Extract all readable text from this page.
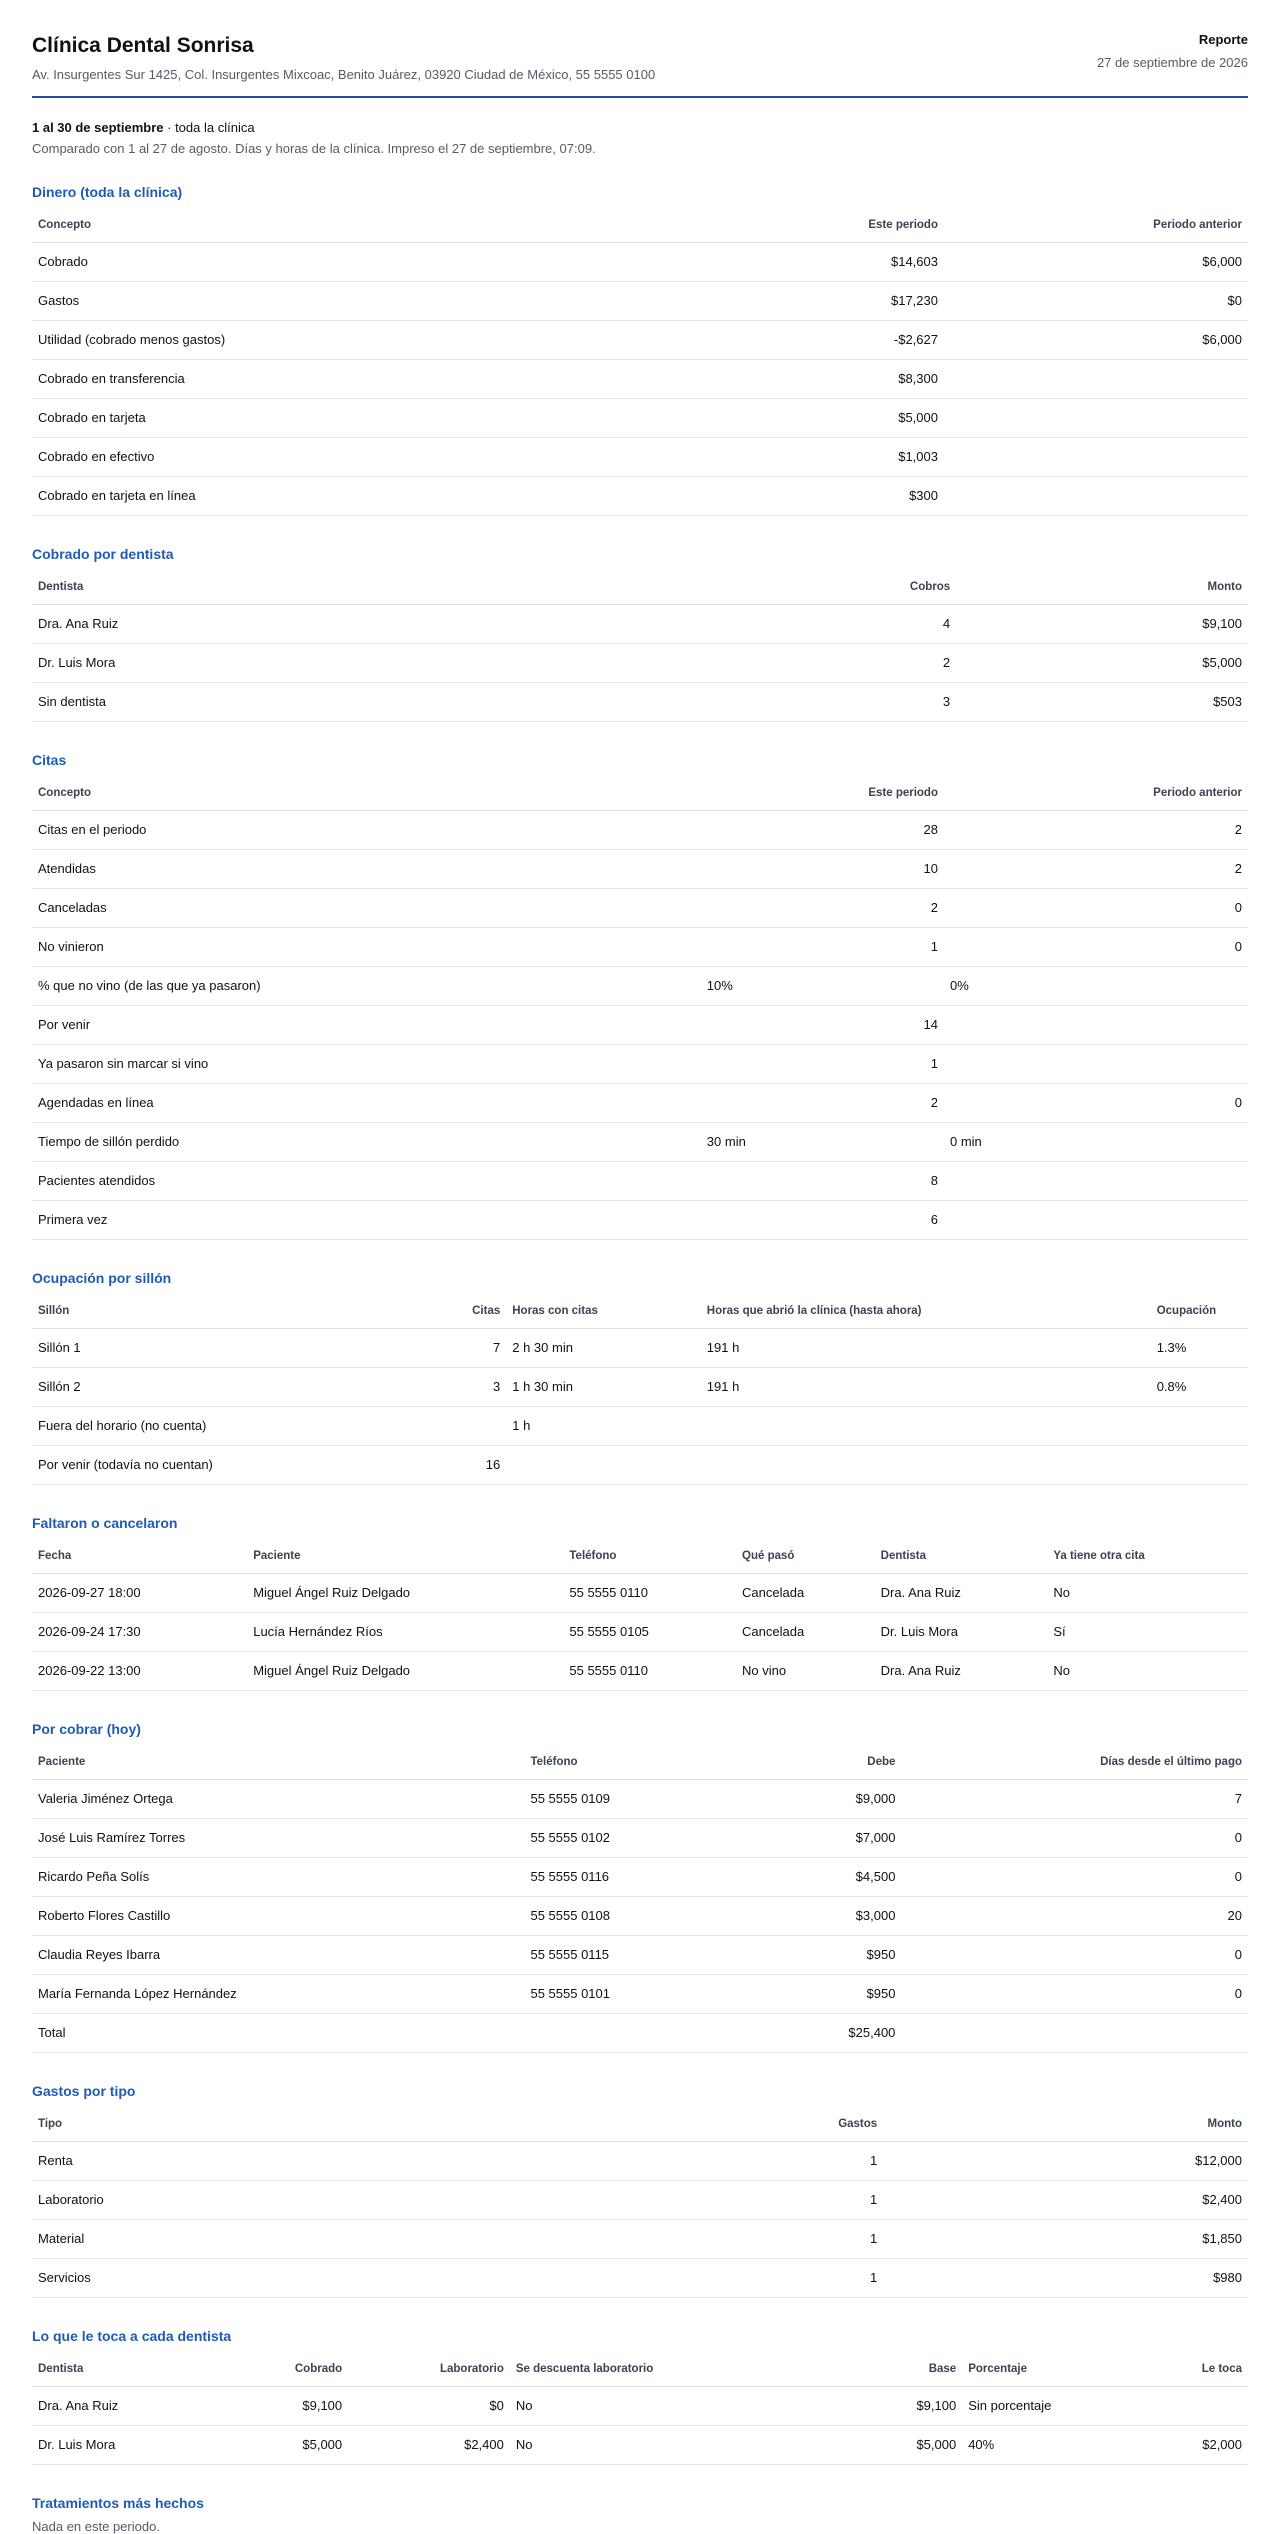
Clínica Dental Sonrisa
Av. Insurgentes Sur 1425, Col. Insurgentes Mixcoac, Benito Juárez, 03920 Ciudad de México, 55 5555 0100
Reporte
27 de septiembre de 2026
1 al 30 de septiembre · toda la clínica
Comparado con 1 al 27 de agosto. Días y horas de la clínica. Impreso el 27 de septiembre, 07:09.
Dinero (toda la clínica)
Concepto	Este periodo	Periodo anterior
Cobrado	$14,603	$6,000
Gastos	$17,230	$0
Utilidad (cobrado menos gastos)	-$2,627	$6,000
Cobrado en transferencia	$8,300	
Cobrado en tarjeta	$5,000	
Cobrado en efectivo	$1,003	
Cobrado en tarjeta en línea	$300	
Cobrado por dentista
Dentista	Cobros	Monto
Dra. Ana Ruiz	4	$9,100
Dr. Luis Mora	2	$5,000
Sin dentista	3	$503
Citas
Concepto	Este periodo	Periodo anterior
Citas en el periodo	28	2
Atendidas	10	2
Canceladas	2	0
No vinieron	1	0
% que no vino (de las que ya pasaron)	10%	0%
Por venir	14	
Ya pasaron sin marcar si vino	1	
Agendadas en línea	2	0
Tiempo de sillón perdido	30 min	0 min
Pacientes atendidos	8	
Primera vez	6	
Ocupación por sillón
Sillón	Citas	Horas con citas	Horas que abrió la clínica (hasta ahora)	Ocupación
Sillón 1	7	2 h 30 min	191 h	1.3%
Sillón 2	3	1 h 30 min	191 h	0.8%
Fuera del horario (no cuenta)		1 h		
Por venir (todavía no cuentan)	16			
Faltaron o cancelaron
Fecha	Paciente	Teléfono	Qué pasó	Dentista	Ya tiene otra cita
2026-09-27 18:00	Miguel Ángel Ruiz Delgado	55 5555 0110	Cancelada	Dra. Ana Ruiz	No
2026-09-24 17:30	Lucía Hernández Ríos	55 5555 0105	Cancelada	Dr. Luis Mora	Sí
2026-09-22 13:00	Miguel Ángel Ruiz Delgado	55 5555 0110	No vino	Dra. Ana Ruiz	No
Por cobrar (hoy)
Paciente	Teléfono	Debe	Días desde el último pago
Valeria Jiménez Ortega	55 5555 0109	$9,000	7
José Luis Ramírez Torres	55 5555 0102	$7,000	0
Ricardo Peña Solís	55 5555 0116	$4,500	0
Roberto Flores Castillo	55 5555 0108	$3,000	20
Claudia Reyes Ibarra	55 5555 0115	$950	0
María Fernanda López Hernández	55 5555 0101	$950	0
Total		$25,400	
Gastos por tipo
Tipo	Gastos	Monto
Renta	1	$12,000
Laboratorio	1	$2,400
Material	1	$1,850
Servicios	1	$980
Lo que le toca a cada dentista
Dentista	Cobrado	Laboratorio	Se descuenta laboratorio	Base	Porcentaje	Le toca
Dra. Ana Ruiz	$9,100	$0	No	$9,100	Sin porcentaje	
Dr. Luis Mora	$5,000	$2,400	No	$5,000	40%	$2,000
Tratamientos más hechos
Nada en este periodo.
